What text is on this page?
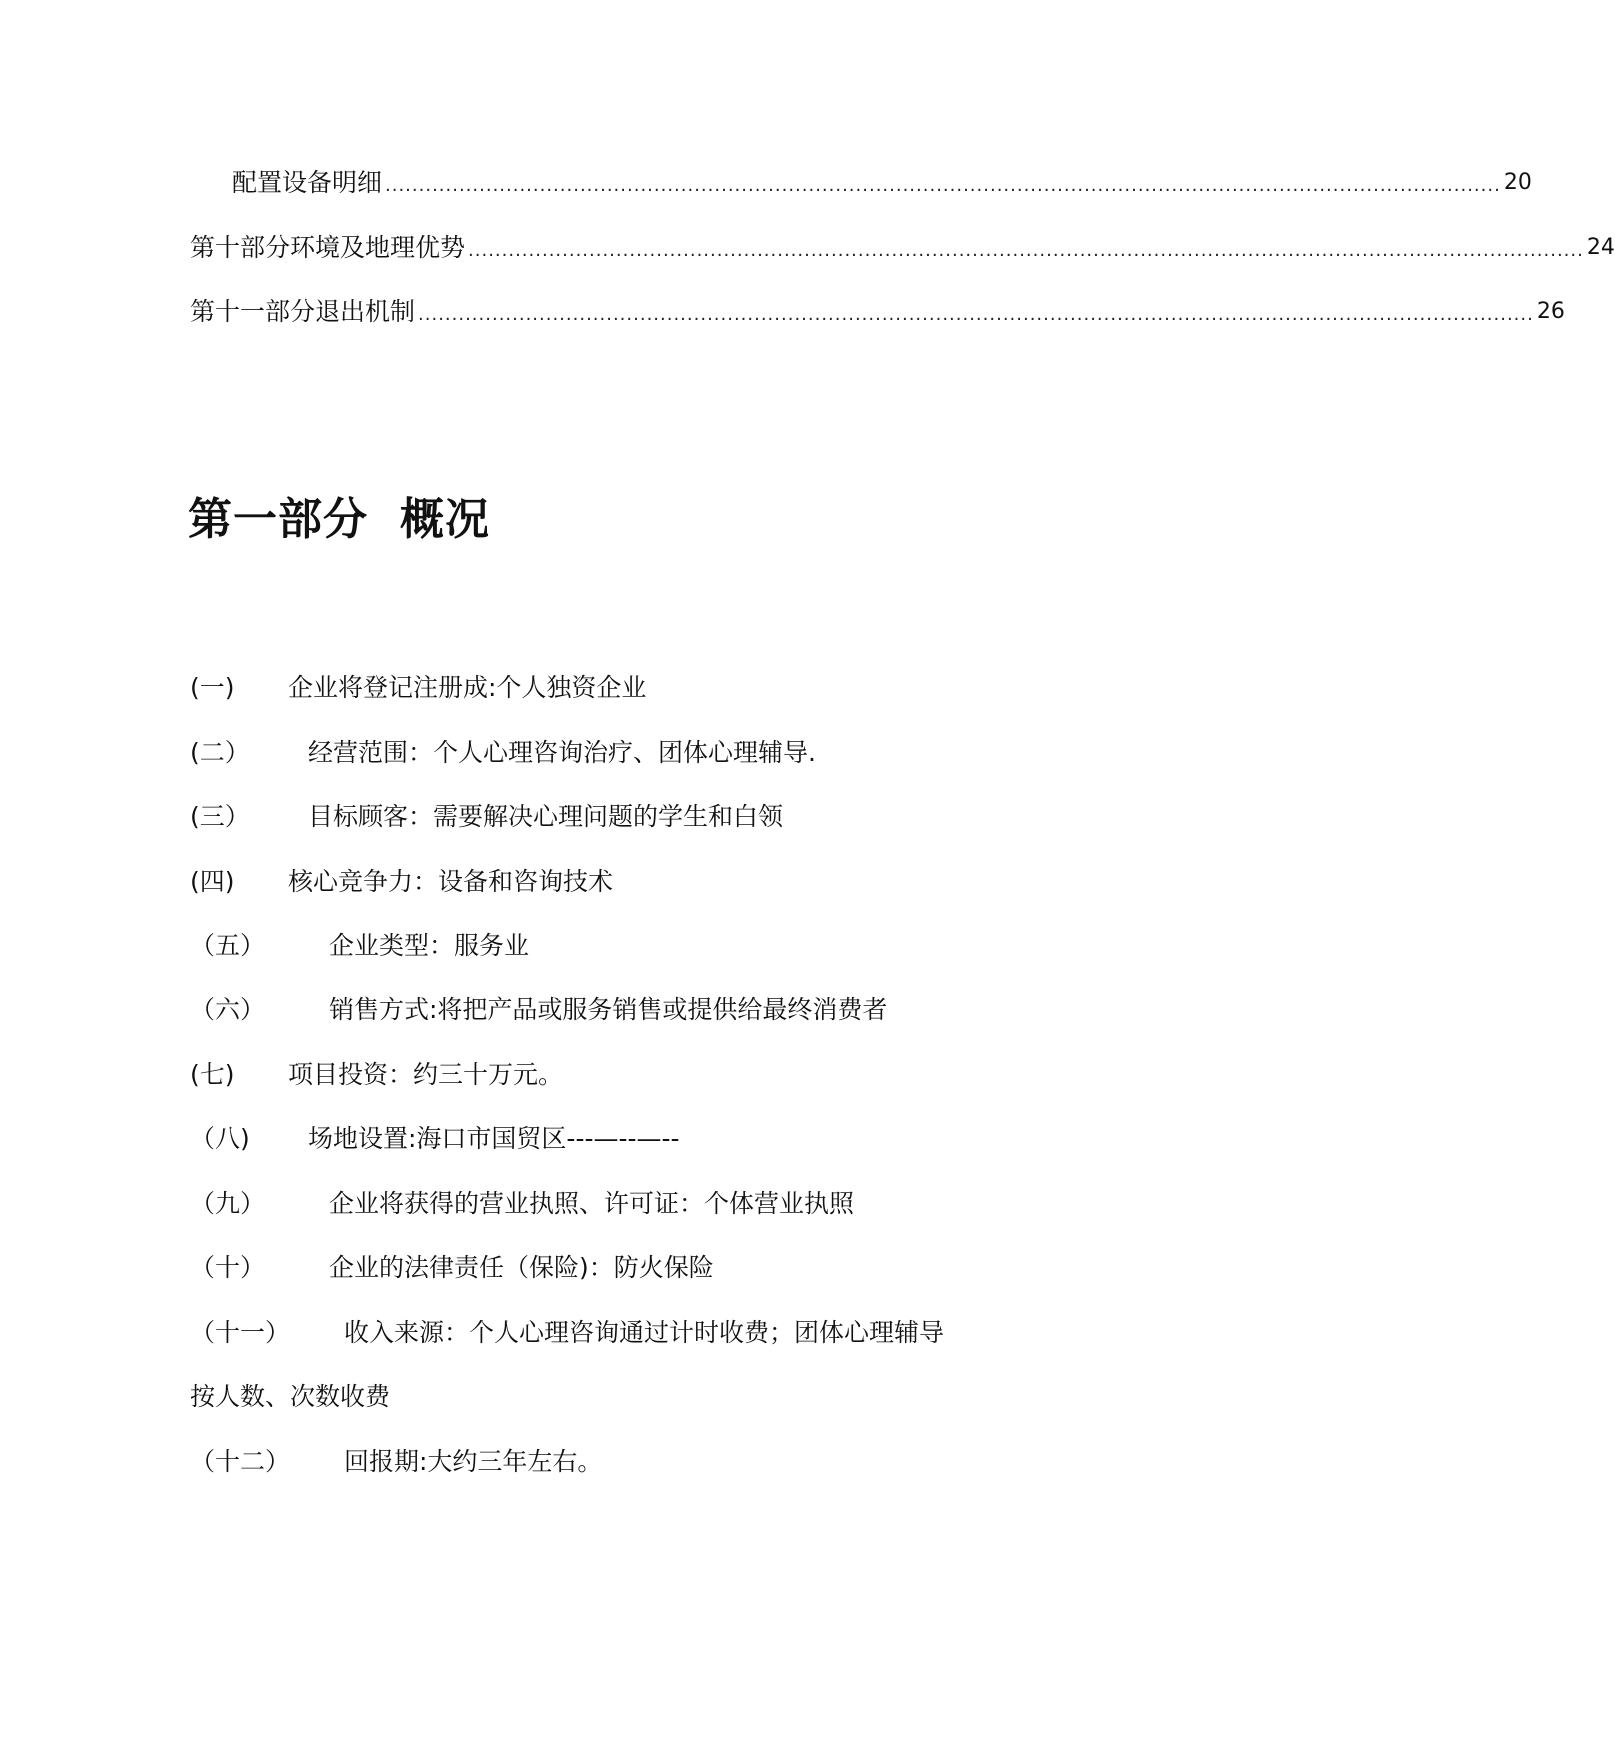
配置设备明细 ...................................................................................................................................................................... 20
第十部分 环境及地理优势 ...................................................................................................................................................................... 24
第十一部分 退出机制 ...................................................................................................................................................................... 26
第一部分 概况
(一) 企业将登记注册成:个人独资企业
(二） 经营范围：个人心理咨询治疗、团体心理辅导.
(三） 目标顾客：需要解决心理问题的学生和白领
(四) 核心竞争力：设备和咨询技术
（五）	企业类型：服务业
（六）	销售方式:将把产品或服务销售或提供给最终消费者
(七) 项目投资：约三十万元。
（八) 场地设置:海口市国贸区---—--—--
（九）	企业将获得的营业执照、许可证：个体营业执照
（十）	企业的法律责任（保险)：防火保险
（十一） 收入来源：个人心理咨询通过计时收费；团体心理辅导
按人数、次数收费
（十二） 回报期:大约三年左右。
